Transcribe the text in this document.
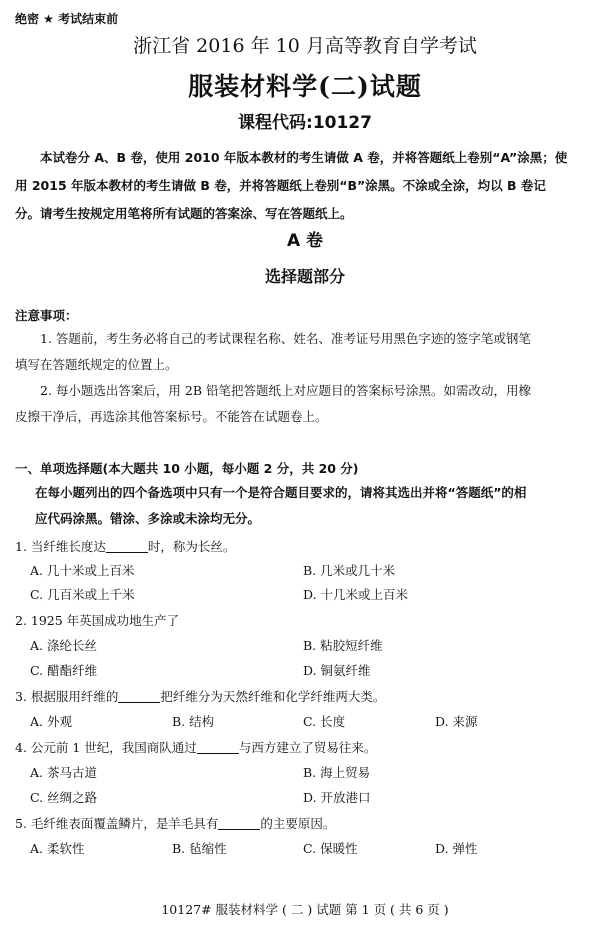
绝密 ★ 考试结束前
浙江省 2016 年 10 月高等教育自学考试
服装材料学(二)试题
课程代码:10127

本试卷分 A、B 卷，使用 2010 年版本教材的考生请做 A 卷，并将答题纸上卷别“A”涂黑；使

用 2015 年版本教材的考生请做 B 卷，并将答题纸上卷别“B”涂黑。不涂或全涂，均以 B 卷记
分。请考生按规定用笔将所有试题的答案涂、写在答题纸上。
A 卷
选择题部分
注意事项：

1. 答题前，考生务必将自己的考试课程名称、姓名、准考证号用黑色字迹的签字笔或钢笔

填写在答题纸规定的位置上。

2. 每小题选出答案后，用 2B 铅笔把答题纸上对应题目的答案标号涂黑。如需改动，用橡

皮擦干净后，再选涂其他答案标号。不能答在试题卷上。
一、单项选择题(本大题共 10 小题，每小题 2 分，共 20 分)

在每小题列出的四个备选项中只有一个是符合题目要求的，请将其选出并将“答题纸”的相

应代码涂黑。错涂、多涂或未涂均无分。

1. 当纤维长度达	时，称为长丝。
A. 几十米或上百米	B. 几米或几十米
C. 几百米或上千米	D. 十几米或上百米
2. 1925 年英国成功地生产了
A. 涤纶长丝	B. 粘胶短纤维
C. 醋酯纤维	D. 铜氨纤维
3. 根据服用纤维的	把纤维分为天然纤维和化学纤维两大类。
A. 外观	B. 结构	C. 长度	D. 来源
4. 公元前 1 世纪，我国商队通过	与西方建立了贸易往来。
A. 茶马古道	B. 海上贸易
C. 丝绸之路	D. 开放港口
5. 毛纤维表面覆盖鳞片，是羊毛具有	的主要原因。
A. 柔软性	B. 毡缩性	C. 保暖性	D. 弹性
10127# 服装材料学 ( 二 ) 试题 第 1 页 ( 共 6 页 )
